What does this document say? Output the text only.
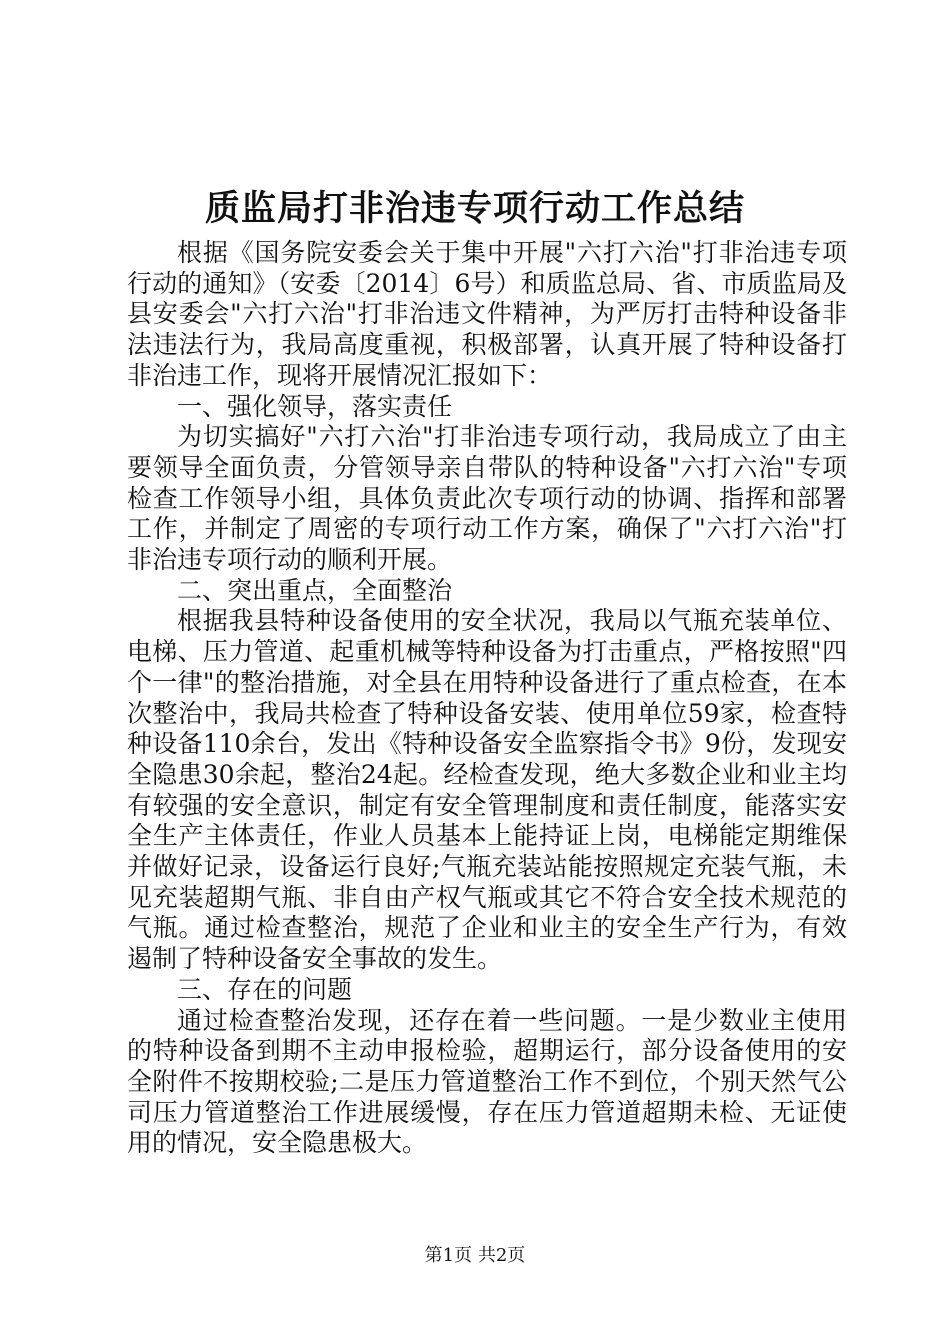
质监局打非治违专项行动工作总结

根据《国务院安委会关于集中开展"六打六治"打非治违专项行动的通知》（安委〔2014〕6号）和质监总局、省、市质监局及县安委会"六打六治"打非治违文件精神，为严厉打击特种设备非法违法行为，我局高度重视，积极部署，认真开展了特种设备打非治违工作，现将开展情况汇报如下：

一、强化领导，落实责任

为切实搞好"六打六治"打非治违专项行动，我局成立了由主要领导全面负责，分管领导亲自带队的特种设备"六打六治"专项检查工作领导小组，具体负责此次专项行动的协调、指挥和部署工作，并制定了周密的专项行动工作方案，确保了"六打六治"打非治违专项行动的顺利开展。

二、突出重点，全面整治

根据我县特种设备使用的安全状况，我局以气瓶充装单位、电梯、压力管道、起重机械等特种设备为打击重点，严格按照"四个一律"的整治措施，对全县在用特种设备进行了重点检查，在本次整治中，我局共检查了特种设备安装、使用单位59家，检查特种设备110余台，发出《特种设备安全监察指令书》9份，发现安全隐患30余起，整治24起。经检查发现，绝大多数企业和业主均有较强的安全意识，制定有安全管理制度和责任制度，能落实安全生产主体责任，作业人员基本上能持证上岗，电梯能定期维保并做好记录，设备运行良好;气瓶充装站能按照规定充装气瓶，未见充装超期气瓶、非自由产权气瓶或其它不符合安全技术规范的气瓶。通过检查整治，规范了企业和业主的安全生产行为，有效遏制了特种设备安全事故的发生。

三、存在的问题

通过检查整治发现，还存在着一些问题。一是少数业主使用的特种设备到期不主动申报检验，超期运行，部分设备使用的安全附件不按期校验;二是压力管道整治工作不到位，个别天然气公司压力管道整治工作进展缓慢，存在压力管道超期未检、无证使用的情况，安全隐患极大。

第1页 共2页
